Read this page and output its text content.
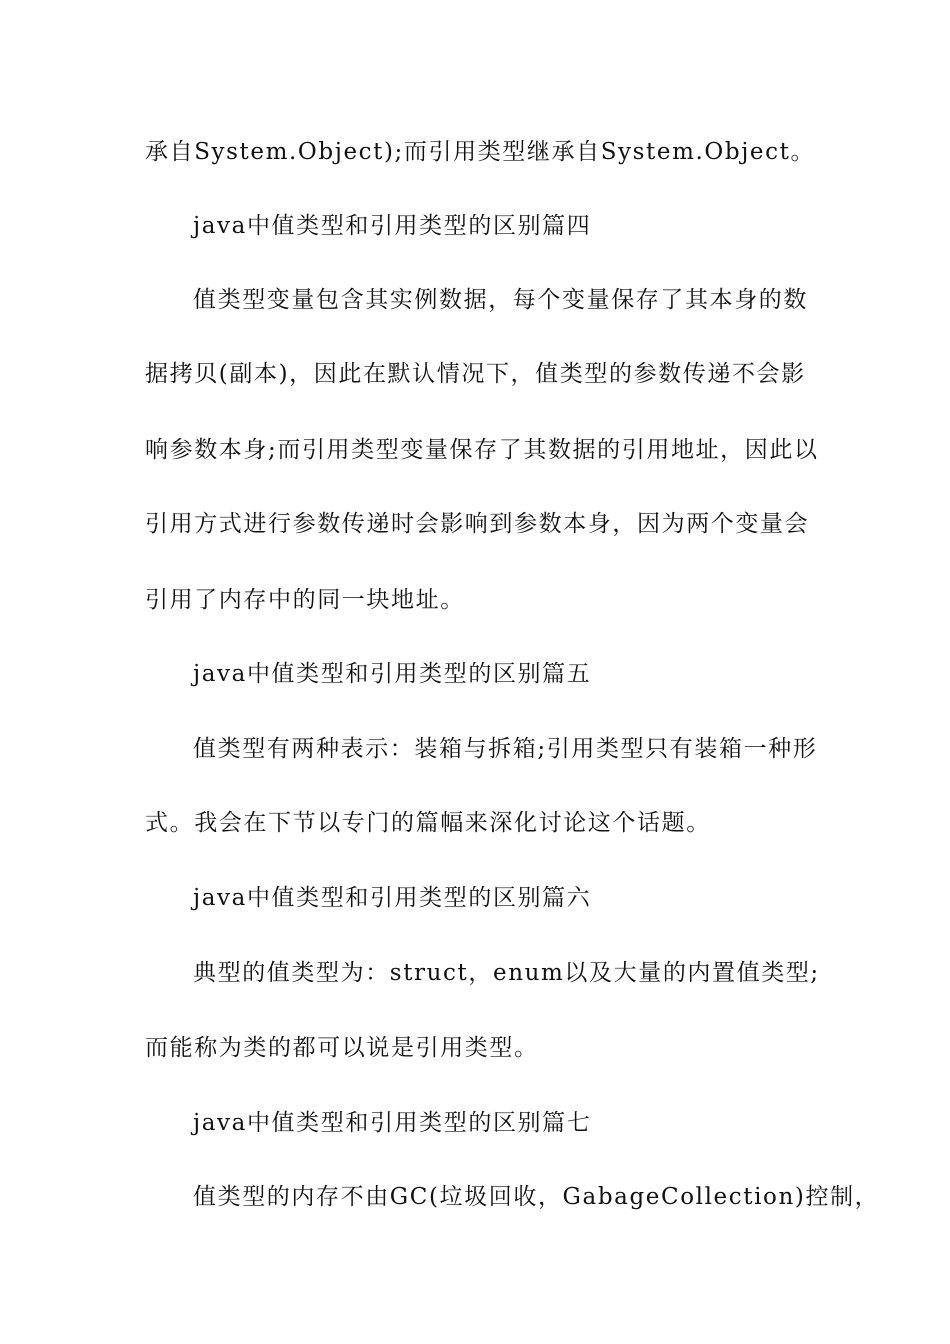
承自System.Object);而引用类型继承自System.Object。
java中值类型和引用类型的区别篇四
值类型变量包含其实例数据，每个变量保存了其本身的数
据拷贝(副本)，因此在默认情况下，值类型的参数传递不会影
响参数本身;而引用类型变量保存了其数据的引用地址，因此以
引用方式进行参数传递时会影响到参数本身，因为两个变量会
引用了内存中的同一块地址。
java中值类型和引用类型的区别篇五
值类型有两种表示：装箱与拆箱;引用类型只有装箱一种形
式。我会在下节以专门的篇幅来深化讨论这个话题。
java中值类型和引用类型的区别篇六
典型的值类型为：struct，enum以及大量的内置值类型;
而能称为类的都可以说是引用类型。
java中值类型和引用类型的区别篇七
值类型的内存不由GC(垃圾回收，GabageCollection)控制，
